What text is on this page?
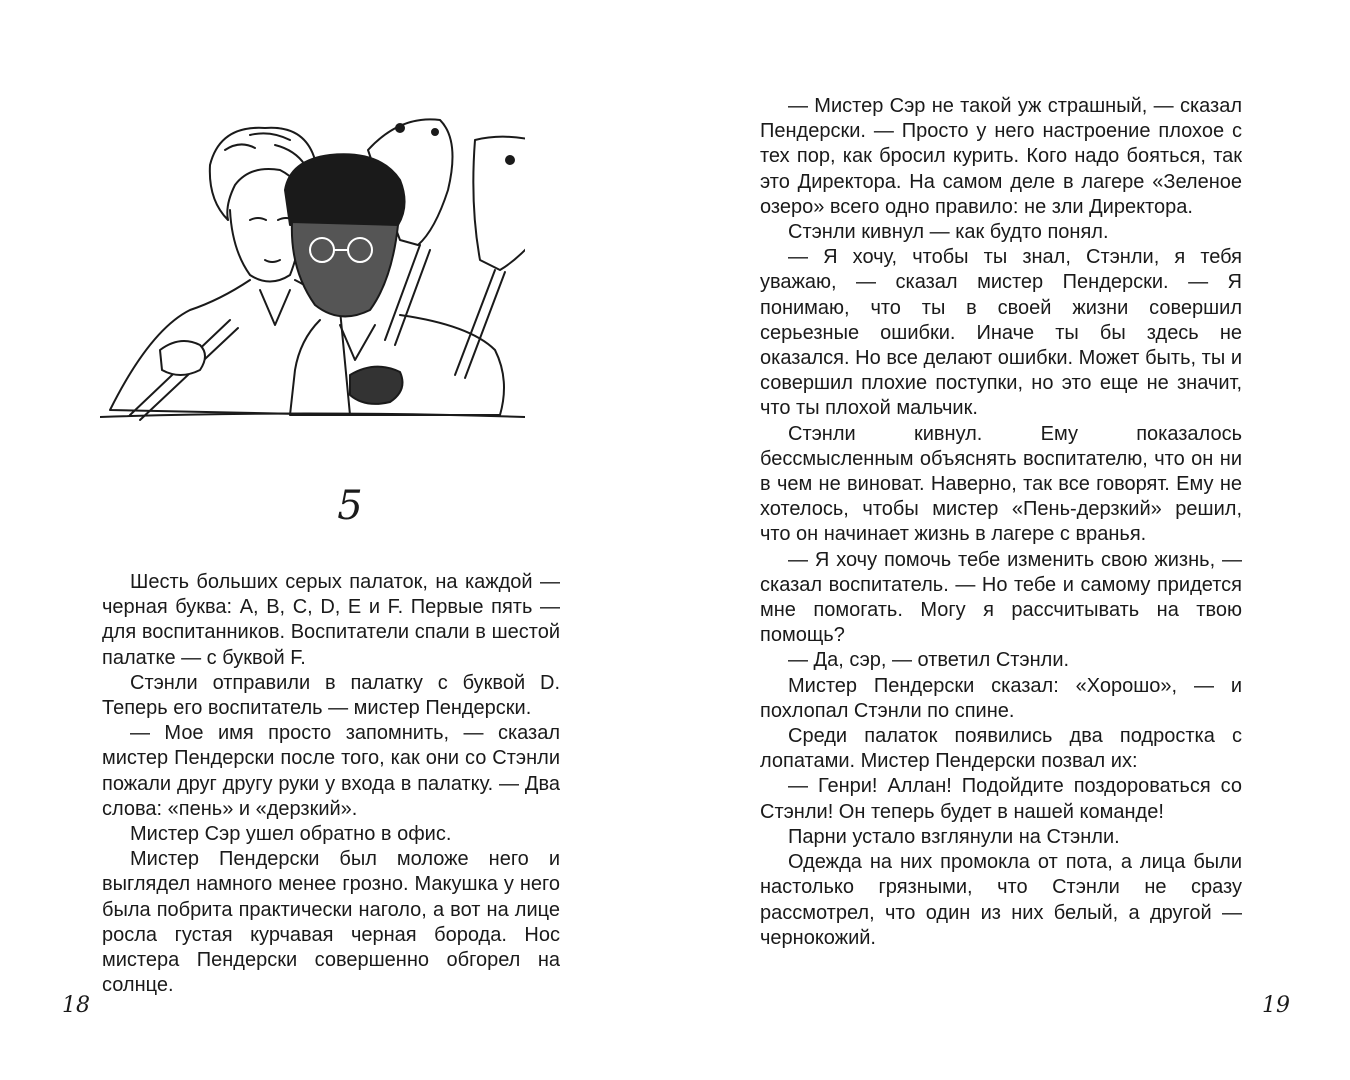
5

Шесть больших серых палаток, на каждой — черная буква: A, B, C, D, E и F. Первые пять — для воспитанников. Воспитатели спали в шестой палатке — с буквой F.

Стэнли отправили в палатку с буквой D. Теперь его воспитатель — мистер Пендерски.

— Мое имя просто запомнить, — сказал мистер Пендерски после того, как они со Стэнли пожали друг другу руки у входа в палатку. — Два слова: «пень» и «дерзкий».

Мистер Сэр ушел обратно в офис.

Мистер Пендерски был моложе него и выглядел намного менее грозно. Макушка у него была побрита практически наголо, а вот на лице росла густая курчавая черная борода. Нос мистера Пендерски совершенно обгорел на солнце.

— Мистер Сэр не такой уж страшный, — сказал Пендерски. — Просто у него настроение плохое с тех пор, как бросил курить. Кого надо бояться, так это Директора. На самом деле в лагере «Зеленое озеро» всего одно правило: не зли Директора.

Стэнли кивнул — как будто понял.

— Я хочу, чтобы ты знал, Стэнли, я тебя уважаю, — сказал мистер Пендерски. — Я понимаю, что ты в своей жизни совершил серьезные ошибки. Иначе ты бы здесь не оказался. Но все делают ошибки. Может быть, ты и совершил плохие поступки, но это еще не значит, что ты плохой мальчик.

Стэнли кивнул. Ему показалось бессмысленным объяснять воспитателю, что он ни в чем не виноват. Наверно, так все говорят. Ему не хотелось, чтобы мистер «Пень-дерзкий» решил, что он начинает жизнь в лагере с вранья.

— Я хочу помочь тебе изменить свою жизнь, — сказал воспитатель. — Но тебе и самому придется мне помогать. Могу я рассчитывать на твою помощь?

— Да, сэр, — ответил Стэнли.

Мистер Пендерски сказал: «Хорошо», — и похлопал Стэнли по спине.

Среди палаток появились два подростка с лопатами. Мистер Пендерски позвал их:

— Генри! Аллан! Подойдите поздороваться со Стэнли! Он теперь будет в нашей команде!

Парни устало взглянули на Стэнли.

Одежда на них промокла от пота, а лица были настолько грязными, что Стэнли не сразу рассмотрел, что один из них белый, а другой — чернокожий.

18	19
